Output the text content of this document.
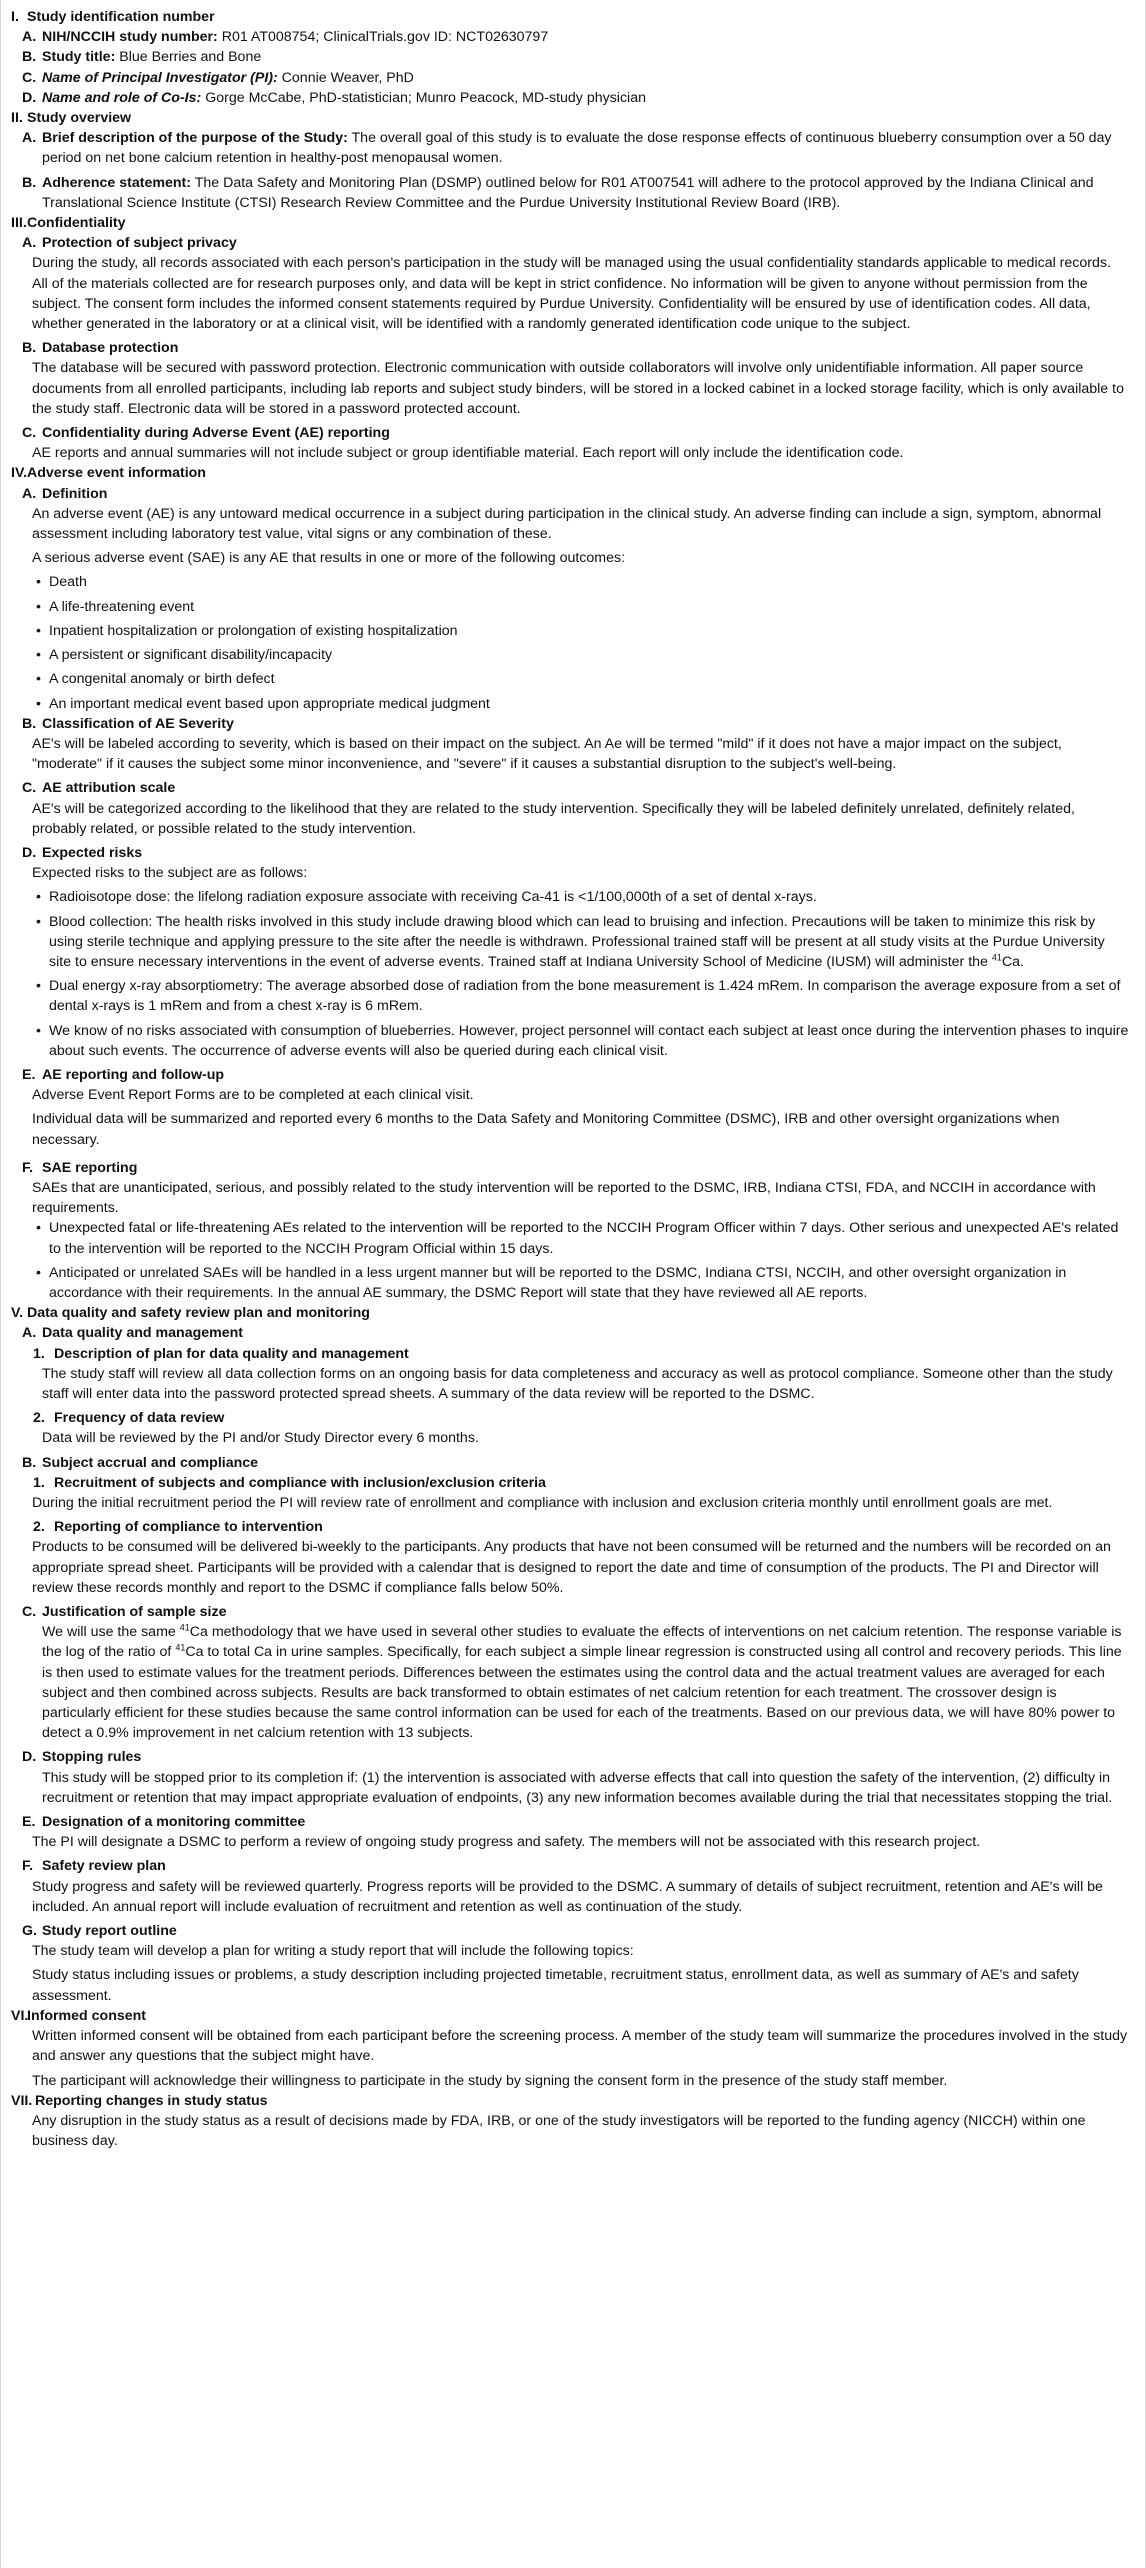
I. Study identification number
A. NIH/NCCIH study number: R01 AT008754; ClinicalTrials.gov ID: NCT02630797
B. Study title: Blue Berries and Bone
C. Name of Principal Investigator (PI): Connie Weaver, PhD
D. Name and role of Co-Is: Gorge McCabe, PhD-statistician; Munro Peacock, MD-study physician
II. Study overview
A. Brief description of the purpose of the Study: The overall goal of this study is to evaluate the dose response effects of continuous blueberry consumption over a 50 day period on net bone calcium retention in healthy-post menopausal women.
B. Adherence statement: The Data Safety and Monitoring Plan (DSMP) outlined below for R01 AT007541 will adhere to the protocol approved by the Indiana Clinical and Translational Science Institute (CTSI) Research Review Committee and the Purdue University Institutional Review Board (IRB).
III.Confidentiality
A. Protection of subject privacy
During the study, all records associated with each person's participation in the study will be managed using the usual confidentiality standards applicable to medical records. All of the materials collected are for research purposes only, and data will be kept in strict confidence. No information will be given to anyone without permission from the subject. The consent form includes the informed consent statements required by Purdue University. Confidentiality will be ensured by use of identification codes. All data, whether generated in the laboratory or at a clinical visit, will be identified with a randomly generated identification code unique to the subject.
B. Database protection
The database will be secured with password protection. Electronic communication with outside collaborators will involve only unidentifiable information. All paper source documents from all enrolled participants, including lab reports and subject study binders, will be stored in a locked cabinet in a locked storage facility, which is only available to the study staff. Electronic data will be stored in a password protected account.
C. Confidentiality during Adverse Event (AE) reporting
AE reports and annual summaries will not include subject or group identifiable material. Each report will only include the identification code.
IV.Adverse event information
A. Definition
An adverse event (AE) is any untoward medical occurrence in a subject during participation in the clinical study. An adverse finding can include a sign, symptom, abnormal assessment including laboratory test value, vital signs or any combination of these.
A serious adverse event (SAE) is any AE that results in one or more of the following outcomes:
• Death
• A life-threatening event
• Inpatient hospitalization or prolongation of existing hospitalization
• A persistent or significant disability/incapacity
• A congenital anomaly or birth defect
• An important medical event based upon appropriate medical judgment
B. Classification of AE Severity
AE's will be labeled according to severity, which is based on their impact on the subject. An Ae will be termed "mild" if it does not have a major impact on the subject, "moderate" if it causes the subject some minor inconvenience, and "severe" if it causes a substantial disruption to the subject's well-being.
C. AE attribution scale
AE's will be categorized according to the likelihood that they are related to the study intervention. Specifically they will be labeled definitely unrelated, definitely related, probably related, or possible related to the study intervention.
D. Expected risks
Expected risks to the subject are as follows:
• Radioisotope dose: the lifelong radiation exposure associate with receiving Ca-41 is <1/100,000th of a set of dental x-rays.
• Blood collection: The health risks involved in this study include drawing blood which can lead to bruising and infection. Precautions will be taken to minimize this risk by using sterile technique and applying pressure to the site after the needle is withdrawn. Professional trained staff will be present at all study visits at the Purdue University site to ensure necessary interventions in the event of adverse events. Trained staff at Indiana University School of Medicine (IUSM) will administer the $^{41}$Ca.
• Dual energy x-ray absorptiometry: The average absorbed dose of radiation from the bone measurement is 1.424 mRem. In comparison the average exposure from a set of dental x-rays is 1 mRem and from a chest x-ray is 6 mRem.
• We know of no risks associated with consumption of blueberries. However, project personnel will contact each subject at least once during the intervention phases to inquire about such events. The occurrence of adverse events will also be queried during each clinical visit.
E. AE reporting and follow-up
Adverse Event Report Forms are to be completed at each clinical visit.
Individual data will be summarized and reported every 6 months to the Data Safety and Monitoring Committee (DSMC), IRB and other oversight organizations when necessary.
F. SAE reporting
SAEs that are unanticipated, serious, and possibly related to the study intervention will be reported to the DSMC, IRB, Indiana CTSI, FDA, and NCCIH in accordance with requirements.
• Unexpected fatal or life-threatening AEs related to the intervention will be reported to the NCCIH Program Officer within 7 days. Other serious and unexpected AE's related to the intervention will be reported to the NCCIH Program Official within 15 days.
• Anticipated or unrelated SAEs will be handled in a less urgent manner but will be reported to the DSMC, Indiana CTSI, NCCIH, and other oversight organization in accordance with their requirements. In the annual AE summary, the DSMC Report will state that they have reviewed all AE reports.
V. Data quality and safety review plan and monitoring
A. Data quality and management
1. Description of plan for data quality and management
The study staff will review all data collection forms on an ongoing basis for data completeness and accuracy as well as protocol compliance. Someone other than the study staff will enter data into the password protected spread sheets. A summary of the data review will be reported to the DSMC.
2. Frequency of data review
Data will be reviewed by the PI and/or Study Director every 6 months.
B. Subject accrual and compliance
1. Recruitment of subjects and compliance with inclusion/exclusion criteria
During the initial recruitment period the PI will review rate of enrollment and compliance with inclusion and exclusion criteria monthly until enrollment goals are met.
2. Reporting of compliance to intervention
Products to be consumed will be delivered bi-weekly to the participants. Any products that have not been consumed will be returned and the numbers will be recorded on an appropriate spread sheet. Participants will be provided with a calendar that is designed to report the date and time of consumption of the products. The PI and Director will review these records monthly and report to the DSMC if compliance falls below 50%.
C. Justification of sample size
We will use the same $^{41}$Ca methodology that we have used in several other studies to evaluate the effects of interventions on net calcium retention. The response variable is the log of the ratio of $^{41}$Ca to total Ca in urine samples. Specifically, for each subject a simple linear regression is constructed using all control and recovery periods. This line is then used to estimate values for the treatment periods. Differences between the estimates using the control data and the actual treatment values are averaged for each subject and then combined across subjects. Results are back transformed to obtain estimates of net calcium retention for each treatment. The crossover design is particularly efficient for these studies because the same control information can be used for each of the treatments. Based on our previous data, we will have 80% power to detect a 0.9% improvement in net calcium retention with 13 subjects.
D. Stopping rules
This study will be stopped prior to its completion if: (1) the intervention is associated with adverse effects that call into question the safety of the intervention, (2) difficulty in recruitment or retention that may impact appropriate evaluation of endpoints, (3) any new information becomes available during the trial that necessitates stopping the trial.
E. Designation of a monitoring committee
The PI will designate a DSMC to perform a review of ongoing study progress and safety. The members will not be associated with this research project.
F. Safety review plan
Study progress and safety will be reviewed quarterly. Progress reports will be provided to the DSMC. A summary of details of subject recruitment, retention and AE's will be included. An annual report will include evaluation of recruitment and retention as well as continuation of the study.
G. Study report outline
The study team will develop a plan for writing a study report that will include the following topics:
Study status including issues or problems, a study description including projected timetable, recruitment status, enrollment data, as well as summary of AE's and safety assessment.
VI.Informed consent
Written informed consent will be obtained from each participant before the screening process. A member of the study team will summarize the procedures involved in the study and answer any questions that the subject might have.
The participant will acknowledge their willingness to participate in the study by signing the consent form in the presence of the study staff member.
VII. Reporting changes in study status
Any disruption in the study status as a result of decisions made by FDA, IRB, or one of the study investigators will be reported to the funding agency (NICCH) within one business day.
